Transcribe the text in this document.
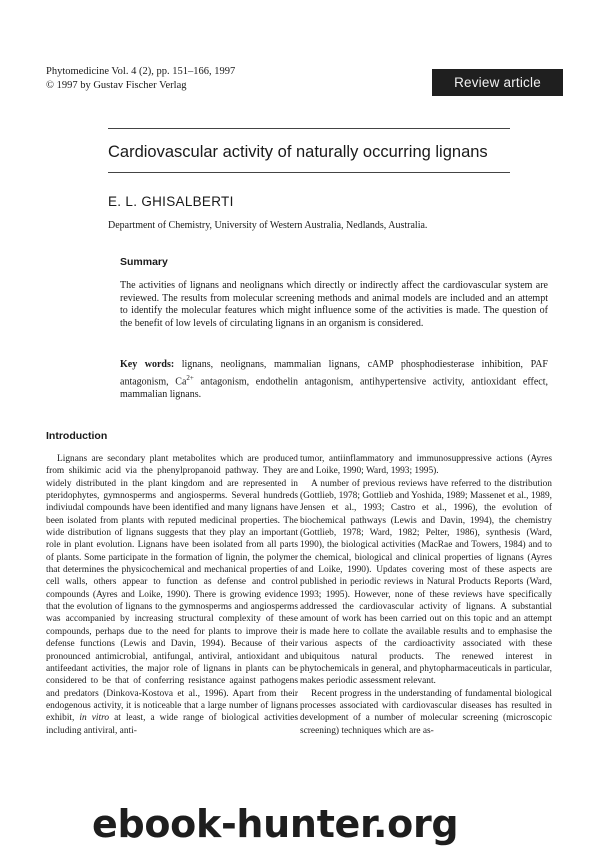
Phytomedicine Vol. 4 (2), pp. 151–166, 1997
© 1997 by Gustav Fischer Verlag	Review article
Cardiovascular activity of naturally occurring lignans
E. L. GHISALBERTI
Department of Chemistry, University of Western Australia, Nedlands, Australia.
Summary

The activities of lignans and neolignans which directly or indirectly affect the cardiovascular system are reviewed. The results from molecular screening methods and animal models are included and an attempt to identify the molecular features which might influence some of the activities is made. The question of the benefit of low levels of circulating lignans in an organism is considered.

Key words: lignans, neolignans, mammalian lignans, cAMP phosphodiesterase inhibition, PAF antagonism, $Ca^{2+}$ antagonism, endothelin antagonism, antihypertensive activity, antioxidant effect, mammalian lignans.

Introduction

Lignans are secondary plant metabolites which are produced from shikimic acid via the phenylpropanoid pathway. They are widely distributed in the plant kingdom and are represented in pteridophytes, gymnosperms and angiosperms. Several hundreds indiviudal compounds have been identified and many lignans have been isolated from plants with reputed medicinal properties. The wide distribution of lignans suggests that they play an important role in plant evolution. Lignans have been isolated from all parts of plants. Some participate in the formation of lignin, the polymer that determines the physicochemical and mechanical properties of cell walls, others appear to function as defense and control compounds (Ayres and Loike, 1990). There is growing evidence that the evolution of lignans to the gymnosperms and angiosperms was accompanied by increasing structural complexity of these compounds, perhaps due to the need for plants to improve their defense functions (Lewis and Davin, 1994). Because of their pronounced antimicrobial, antifungal, antiviral, antioxidant and antifeedant activities, the major role of lignans in plants can be considered to be that of conferring resistance against pathogens and predators (Dinkova-Kostova et al., 1996). Apart from their endogenous activity, it is noticeable that a large number of lignans exhibit, in vitro at least, a wide range of biological activities including antiviral, anti-

tumor, antiinflammatory and immunosuppressive actions (Ayres and Loike, 1990; Ward, 1993; 1995).

A number of previous reviews have referred to the distribution (Gottlieb, 1978; Gottlieb and Yoshida, 1989; Massenet et al., 1989, Jensen et al., 1993; Castro et al., 1996), the evolution of biochemical pathways (Lewis and Davin, 1994), the chemistry (Gottlieb, 1978; Ward, 1982; Pelter, 1986), synthesis (Ward, 1990), the biological activities (MacRae and Towers, 1984) and to the chemical, biological and clinical properties of lignans (Ayres and Loike, 1990). Updates covering most of these aspects are published in periodic reviews in Natural Products Reports (Ward, 1993; 1995). However, none of these reviews have specifically addressed the cardiovascular activity of lignans. A substantial amount of work has been carried out on this topic and an attempt is made here to collate the available results and to emphasise the various aspects of the cardioactivity associated with these ubiquitous natural products. The renewed interest in phytochemicals in general, and phytopharmaceuticals in particular, makes periodic assessment relevant.

Recent progress in the understanding of fundamental biological processes associated with cardiovascular diseases has resulted in development of a number of molecular screening (microscopic screening) techniques which are as-

ebook-hunter.org
